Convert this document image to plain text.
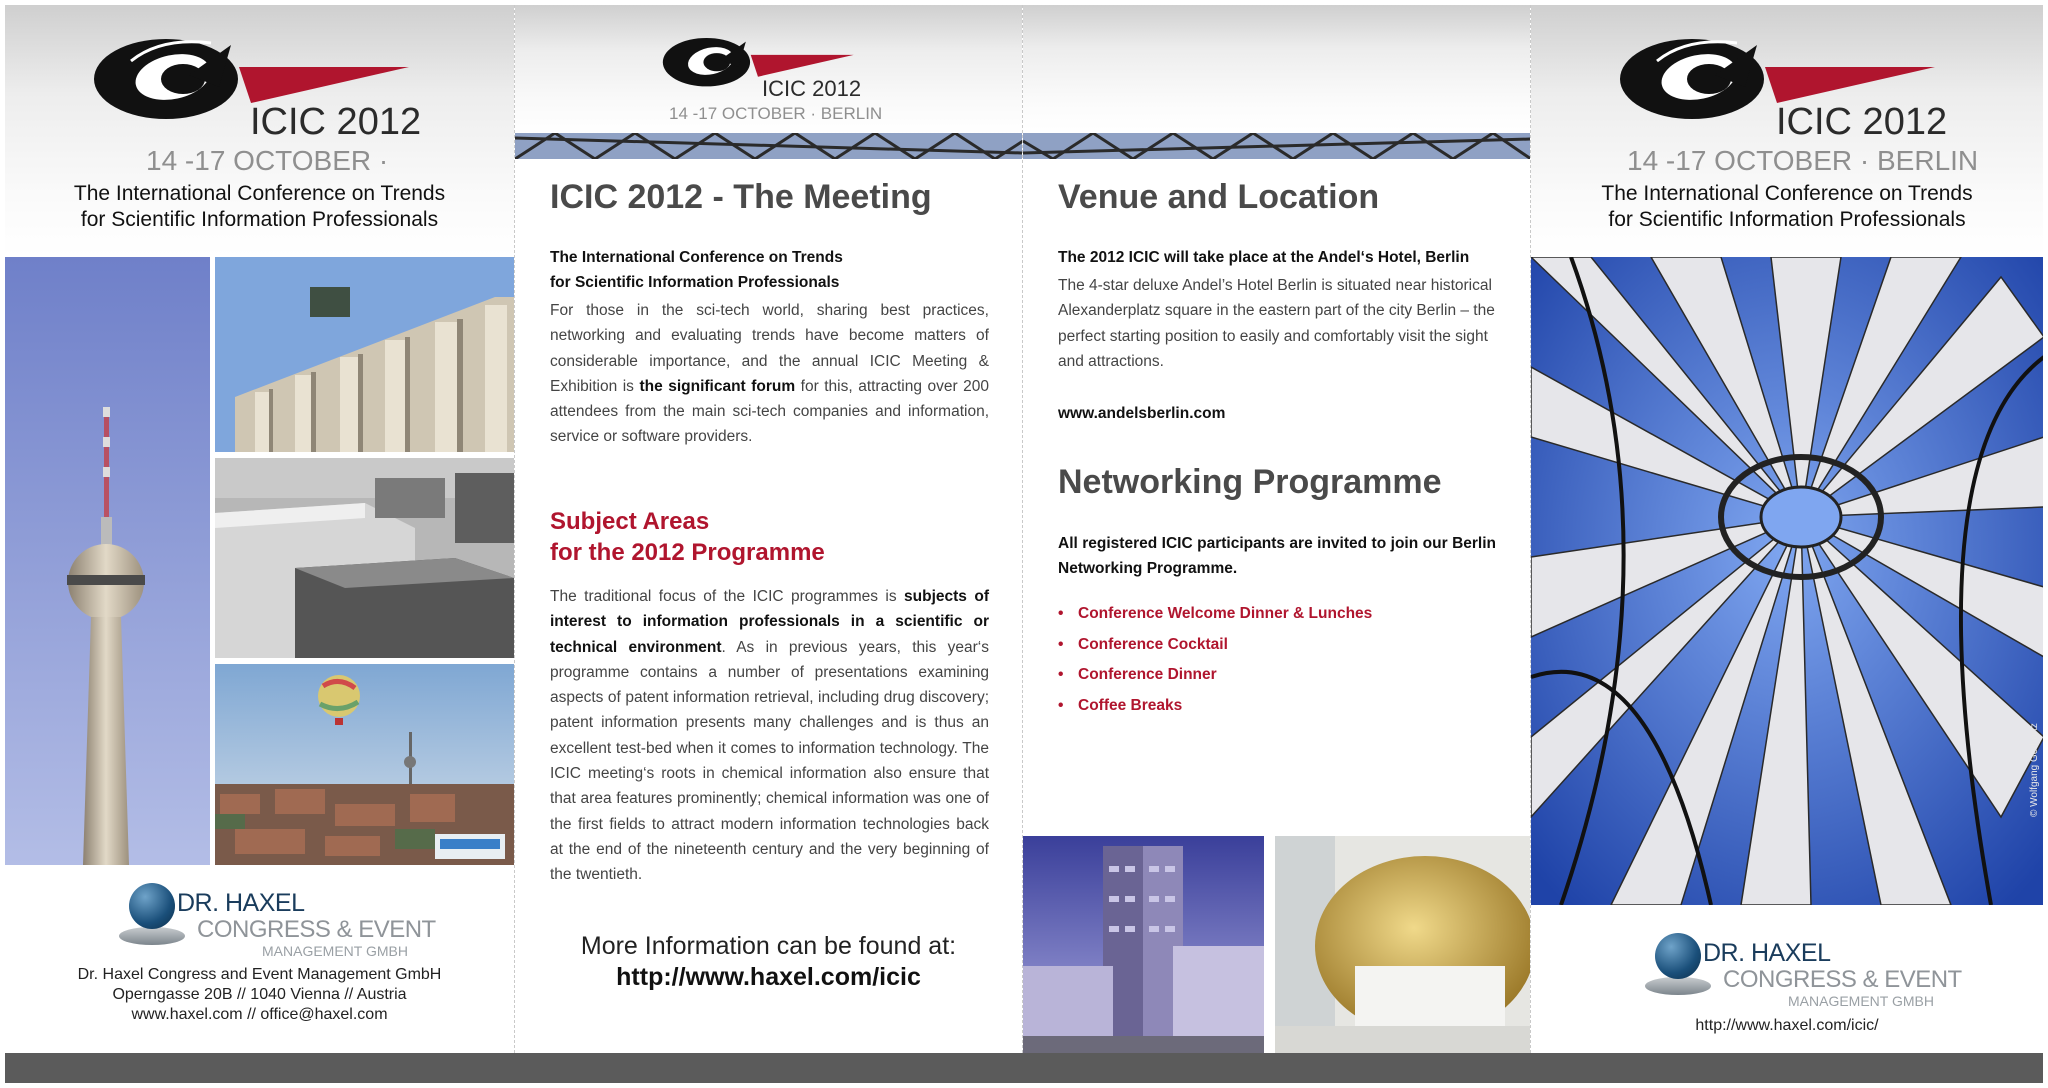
ICIC 2012
14 -17 OCTOBER ·
The International Conference on Trends
for Scientific Information Professionals
DR. HAXEL
CONGRESS & EVENT
MANAGEMENT GMBH
Dr. Haxel Congress and Event Management GmbH
Operngasse 20B // 1040 Vienna // Austria
www.haxel.com // office@haxel.com
ICIC 2012
14 -17 OCTOBER · BERLIN
ICIC 2012 - The Meeting
The International Conference on Trends
for Scientific Information Professionals

For those in the sci-tech world, sharing best practices, networking and evaluating trends have become matters of considerable importance, and the annual ICIC Meeting & Exhibition is the significant forum for this, attracting over 200 attendees from the main sci-tech companies and information, service or software providers.

Subject Areas
for the 2012 Programme

The traditional focus of the ICIC programmes is subjects of interest to information professionals in a scientific or technical environment. As in previous years, this year‘s programme contains a number of presentations examining aspects of patent information retrieval, including drug discovery; patent information presents many challenges and is thus an excellent test-bed when it comes to information technology. The ICIC meeting‘s roots in chemical information also ensure that that area features prominently; chemical information was one of the first fields to attract modern information technologies back at the end of the nineteenth century and the very beginning of the twentieth.

More Information can be found at:
http://www.haxel.com/icic
Venue and Location
The 2012 ICIC will take place at the Andel‘s Hotel, Berlin

The 4-star deluxe Andel’s Hotel Berlin is situated near historical Alexanderplatz square in the eastern part of the city Berlin – the perfect starting position to easily and comfortably visit the sight and attractions.

www.andelsberlin.com
Networking Programme

All registered ICIC participants are invited to join our Berlin Networking Programme.

• Conference Welcome Dinner & Lunches
• Conference Cocktail
• Conference Dinner
• Coffee Breaks
ICIC 2012
14 -17 OCTOBER · BERLIN
The International Conference on Trends
for Scientific Information Professionals
© Wolfgang Gerhartz
DR. HAXEL
CONGRESS & EVENT
MANAGEMENT GMBH
http://www.haxel.com/icic/
